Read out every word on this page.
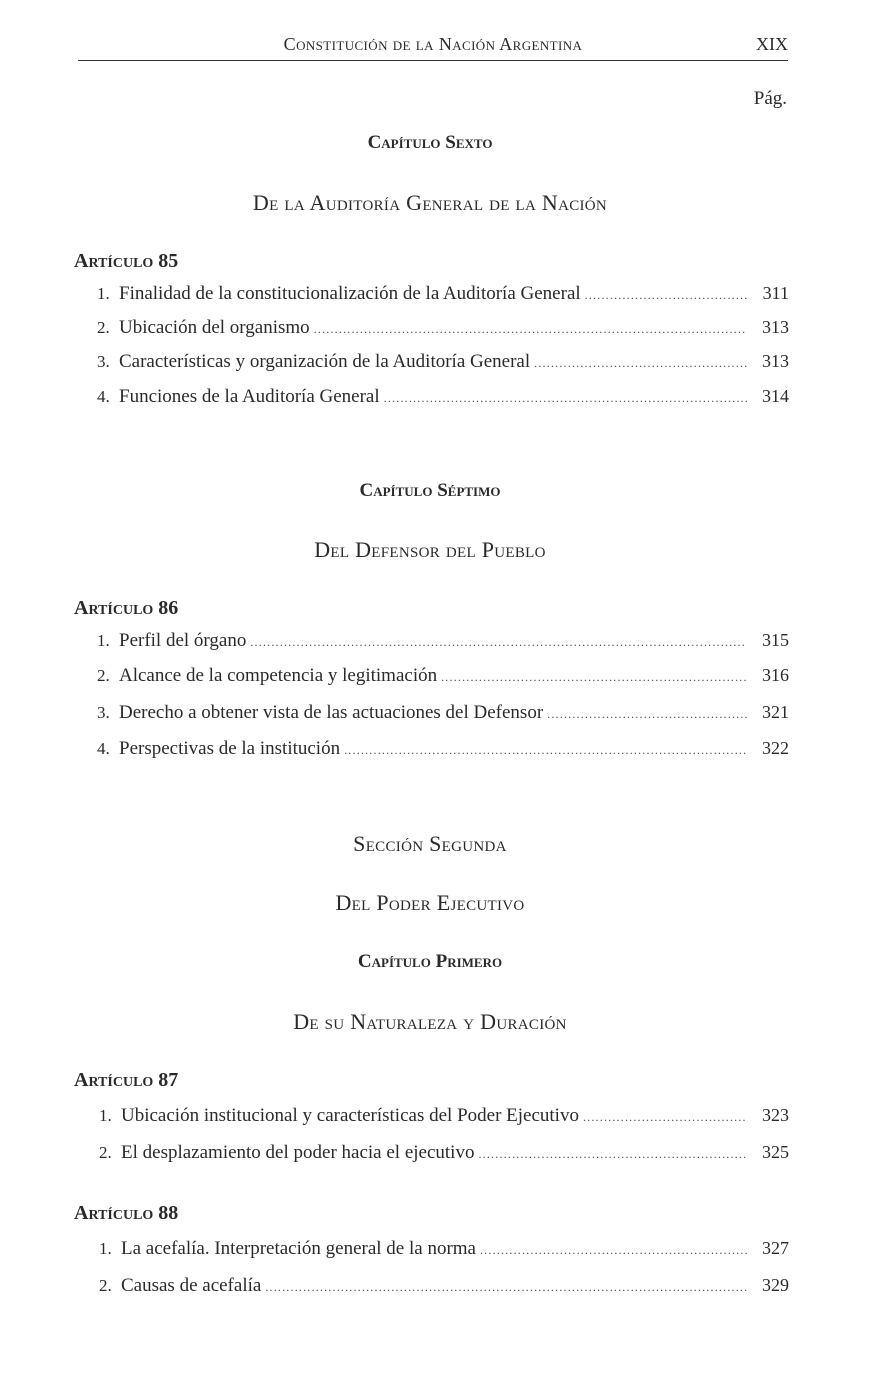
Constitución de la Nación Argentina	XIX
Pág.
Capítulo Sexto
De la Auditoría General de la Nación
Artículo 85
1. Finalidad de la constitucionalización de la Auditoría General .....	311
2. Ubicación del organismo .....	313
3. Características y organización de la Auditoría General .....	313
4. Funciones de la Auditoría General .....	314
Capítulo Séptimo
Del Defensor del Pueblo
Artículo 86
1. Perfil del órgano .....	315
2. Alcance de la competencia y legitimación .....	316
3. Derecho a obtener vista de las actuaciones del Defensor .....	321
4. Perspectivas de la institución .....	322
Sección Segunda
Del Poder Ejecutivo
Capítulo Primero
De su Naturaleza y Duración
Artículo 87
1. Ubicación institucional y características del Poder Ejecutivo .....	323
2. El desplazamiento del poder hacia el ejecutivo .....	325
Artículo 88
1. La acefalía. Interpretación general de la norma .....	327
2. Causas de acefalía .....	329
